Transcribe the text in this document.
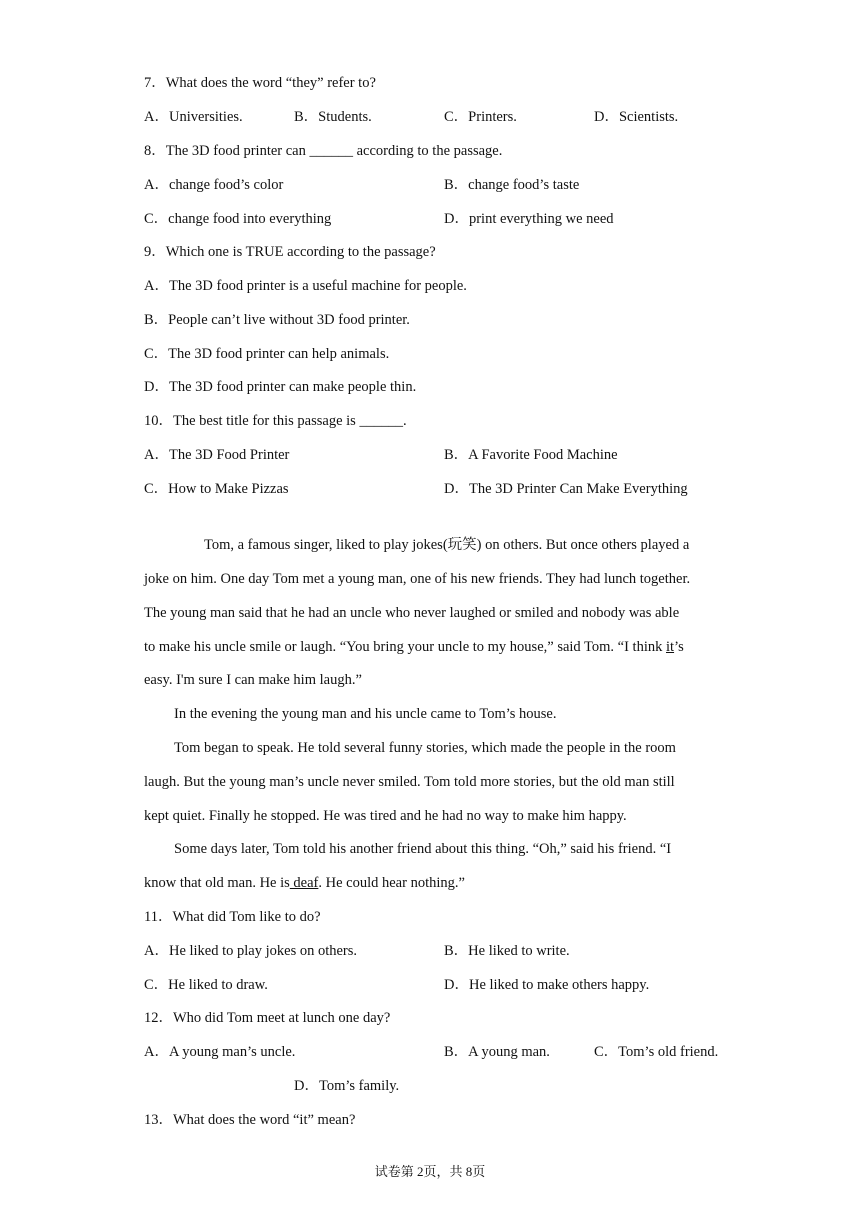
7．What does the word “they” refer to?
A．Universities.	B．Students.	C．Printers.	D．Scientists.
8．The 3D food printer can ______ according to the passage.
A．change food’s color	B．change food’s taste
C．change food into everything	D．print everything we need
9．Which one is TRUE according to the passage?
A．The 3D food printer is a useful machine for people.
B．People can’t live without 3D food printer.
C．The 3D food printer can help animals.
D．The 3D food printer can make people thin.
10．The best title for this passage is ______.
A．The 3D Food Printer	B．A Favorite Food Machine
C．How to Make Pizzas	D．The 3D Printer Can Make Everything
Tom, a famous singer, liked to play jokes(玩笑) on others. But once others played a
joke on him. One day Tom met a young man, one of his new friends. They had lunch together.
The young man said that he had an uncle who never laughed or smiled and nobody was able
to make his uncle smile or laugh. “You bring your uncle to my house,” said Tom. “I think it’s
easy. I'm sure I can make him laugh.”
In the evening the young man and his uncle came to Tom’s house.
Tom began to speak. He told several funny stories, which made the people in the room
laugh. But the young man’s uncle never smiled. Tom told more stories, but the old man still
kept quiet. Finally he stopped. He was tired and he had no way to make him happy.
Some days later, Tom told his another friend about this thing. “Oh,” said his friend. “I
know that old man. He is deaf. He could hear nothing.”
11．What did Tom like to do?
A．He liked to play jokes on others.	B．He liked to write.
C．He liked to draw.	D．He liked to make others happy.
12．Who did Tom meet at lunch one day?
A．A young man’s uncle.	B．A young man.	C．Tom’s old friend.
D．Tom’s family.
13．What does the word “it” mean?
试卷第 2页，共 8页
